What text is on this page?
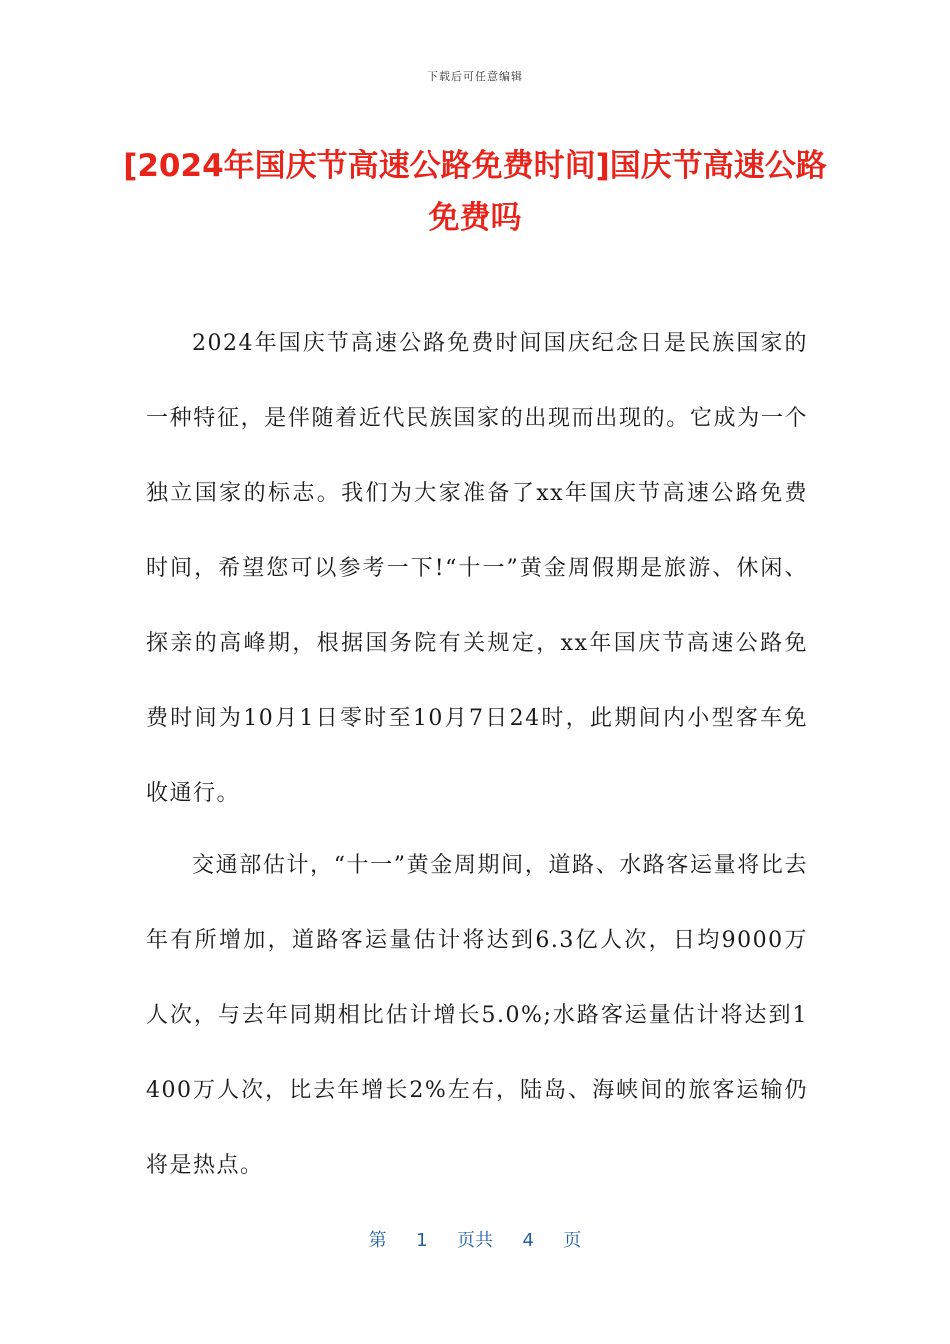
下载后可任意编辑
[2024年国庆节高速公路免费时间]国庆节高速公路免费吗

2024年国庆节高速公路免费时间国庆纪念日是民族国家的一种特征，是伴随着近代民族国家的出现而出现的。它成为一个独立国家的标志。我们为大家准备了xx年国庆节高速公路免费时间，希望您可以参考一下!“十一”黄金周假期是旅游、休闲、探亲的高峰期，根据国务院有关规定，xx年国庆节高速公路免费时间为10月1日零时至10月7日24时，此期间内小型客车免收通行。

交通部估计，“十一”黄金周期间，道路、水路客运量将比去年有所增加，道路客运量估计将达到6.3亿人次，日均9000万人次，与去年同期相比估计增长5.0%;水路客运量估计将达到1400万人次，比去年增长2%左右，陆岛、海峡间的旅客运输仍将是热点。

第 1 页共 4 页
